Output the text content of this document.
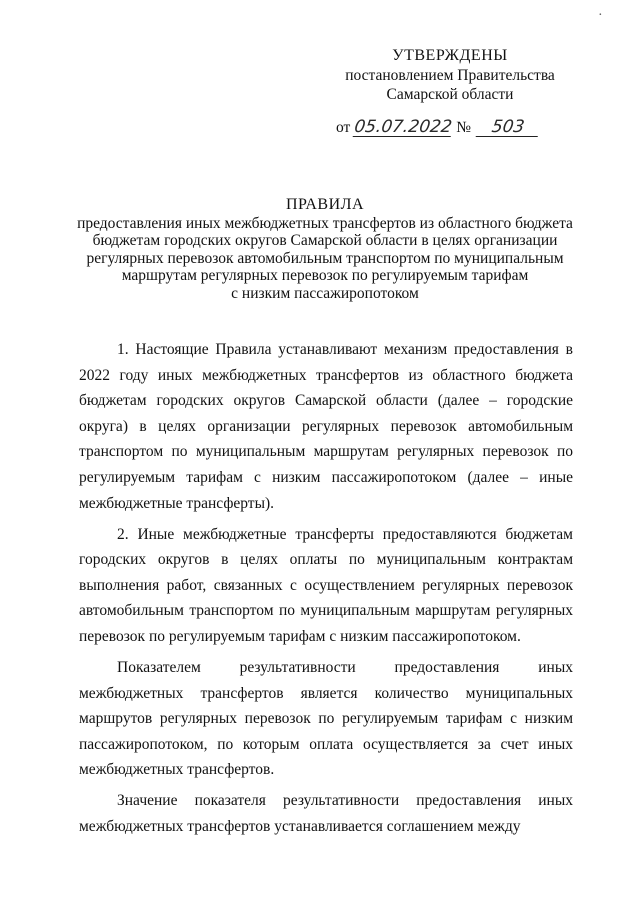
·
УТВЕРЖДЕНЫ
постановлением Правительства
Самарской области
от 05.07.2022 № 503
ПРАВИЛА
предоставления иных межбюджетных трансфертов из областного бюджета
бюджетам городских округов Самарской области в целях организации
регулярных перевозок автомобильным транспортом по муниципальным
маршрутам регулярных перевозок по регулируемым тарифам
с низким пассажиропотоком

1. Настоящие Правила устанавливают механизм предоставления в 2022 году иных межбюджетных трансфертов из областного бюджета бюджетам городских округов Самарской области (далее – городские округа) в целях организации регулярных перевозок автомобильным транспортом по муниципальным маршрутам регулярных перевозок по регулируемым тарифам с низким пассажиропотоком (далее – иные межбюджетные трансферты).

2. Иные межбюджетные трансферты предоставляются бюджетам городских округов в целях оплаты по муниципальным контрактам выполнения работ, связанных с осуществлением регулярных перевозок автомобильным транспортом по муниципальным маршрутам регулярных перевозок по регулируемым тарифам с низким пассажиропотоком.

Показателем результативности предоставления иных межбюджетных трансфертов является количество муниципальных маршрутов регулярных перевозок по регулируемым тарифам с низким пассажиропотоком, по которым оплата осуществляется за счет иных межбюджетных трансфертов.

Значение показателя результативности предоставления иных межбюджетных трансфертов устанавливается соглашением между
